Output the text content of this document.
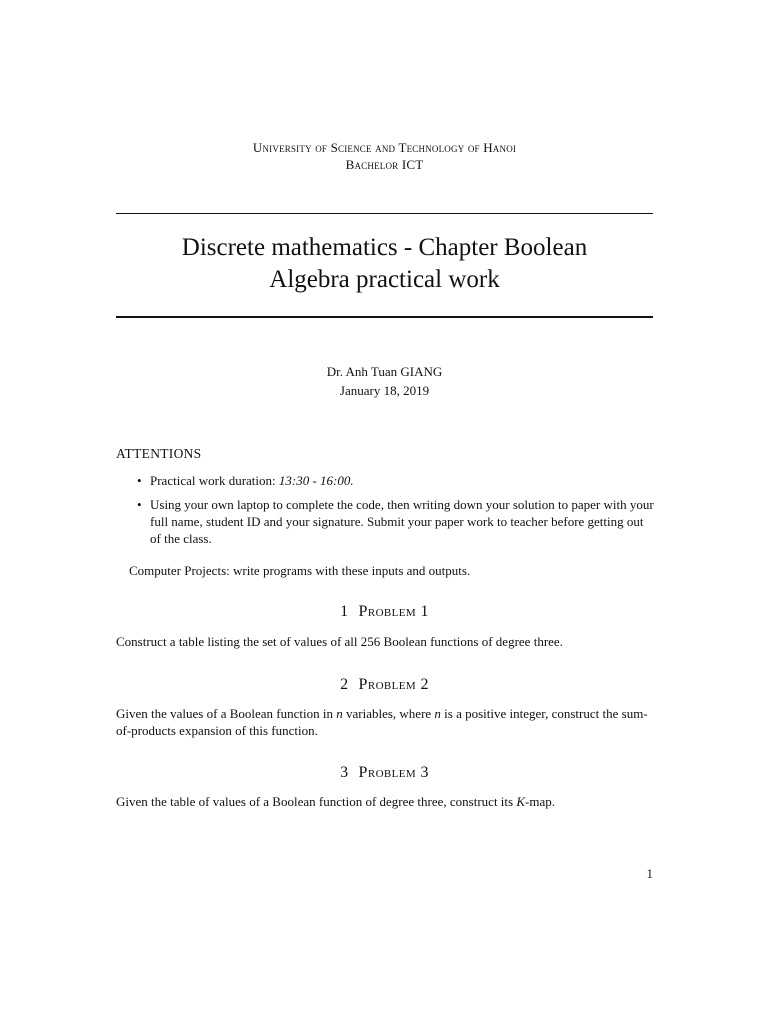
University of Science and Technology of Hanoi
Bachelor ICT
Discrete mathematics - Chapter Boolean
Algebra practical work
Dr. Anh Tuan GIANG
January 18, 2019
ATTENTIONS
• Practical work duration: 13:30 - 16:00.
• Using your own laptop to complete the code, then writing down your solution to paper with your full name, student ID and your signature. Submit your paper work to teacher before getting out of the class.
Computer Projects: write programs with these inputs and outputs.
1 Problem 1
Construct a table listing the set of values of all 256 Boolean functions of degree three.
2 Problem 2
Given the values of a Boolean function in n variables, where n is a positive integer, construct the sum-of-products expansion of this function.
3 Problem 3
Given the table of values of a Boolean function of degree three, construct its K-map.
1
